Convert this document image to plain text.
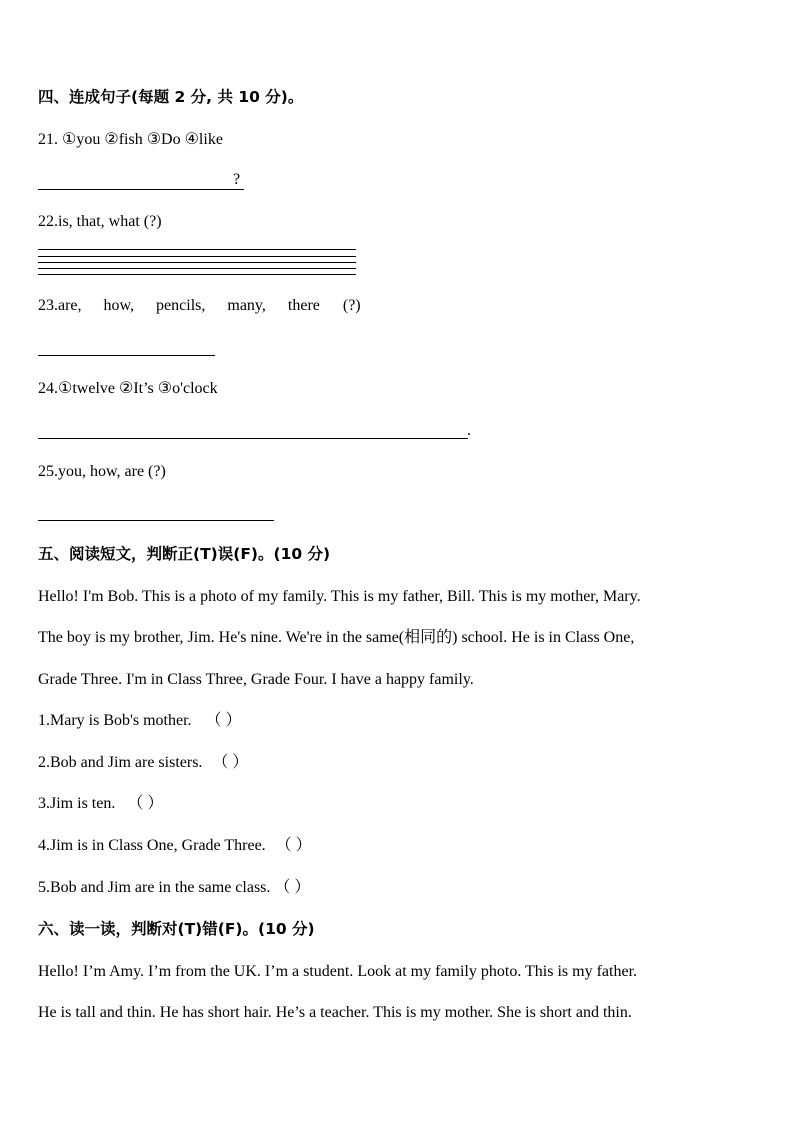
四、连成句子(每题 2 分, 共 10 分)。
21. ①you ②fish ③Do ④like
?
22.is, that, what (?)
23.are, how, pencils, many, there (?)
24.①twelve ②It’s ③o'clock
.
25.you, how, are (?)
五、阅读短文，判断正(T)误(F)。(10 分)
Hello! I'm Bob. This is a photo of my family. This is my father, Bill. This is my mother, Mary.
The boy is my brother, Jim. He's nine. We're in the same(相同的) school. He is in Class One,
Grade Three. I'm in Class Three, Grade Four. I have a happy family.
1.Mary is Bob's mother. （ ）
2.Bob and Jim are sisters. （ ）
3.Jim is ten. （ ）
4.Jim is in Class One, Grade Three. （ ）
5.Bob and Jim are in the same class. （ ）
六、读一读，判断对(T)错(F)。(10 分)
Hello! I’m Amy. I’m from the UK. I’m a student. Look at my family photo. This is my father.
He is tall and thin. He has short hair. He’s a teacher. This is my mother. She is short and thin.
